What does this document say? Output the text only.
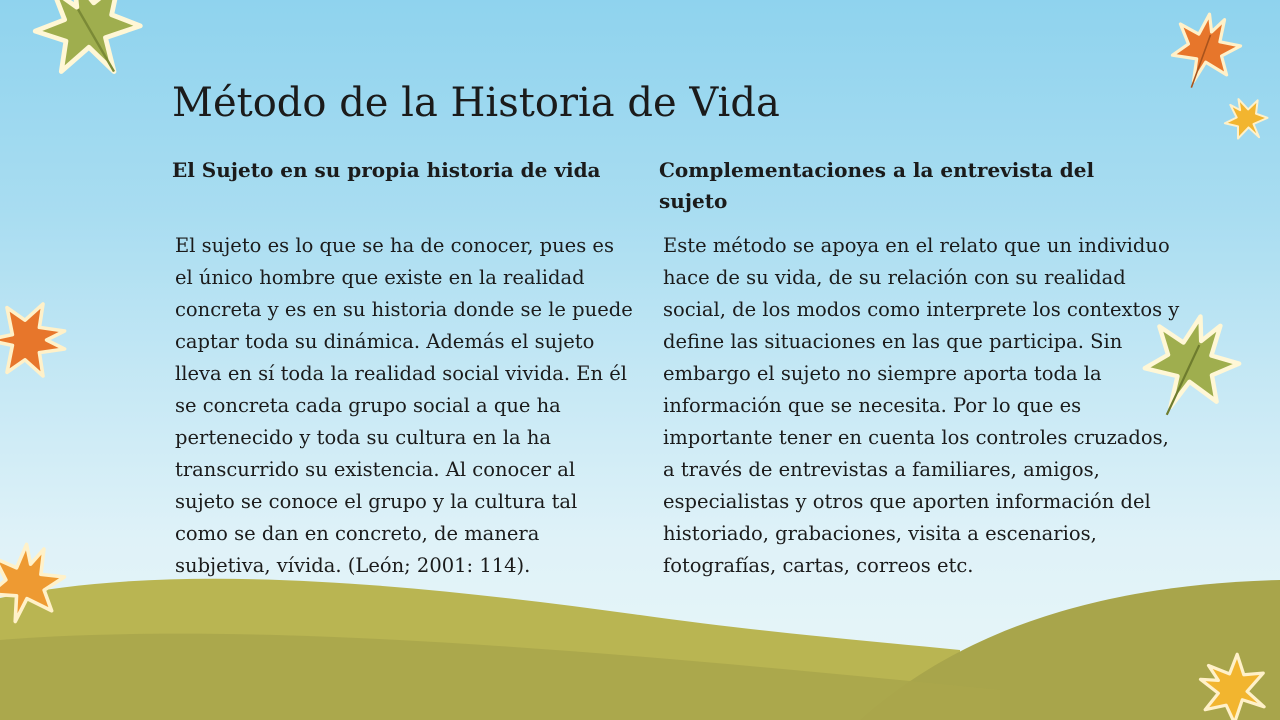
Método de la Historia de Vida

El Sujeto en su propia historia de vida

El sujeto es lo que se ha de conocer, pues es el único hombre que existe en la realidad concreta y es en su historia donde se le puede captar toda su dinámica. Además el sujeto lleva en sí toda la realidad social vivida. En él se concreta cada grupo social a que ha pertenecido y toda su cultura en la ha transcurrido su existencia. Al conocer al sujeto se conoce el grupo y la cultura tal como se dan en concreto, de manera subjetiva, vívida. (León; 2001: 114).

Complementaciones a la entrevista del sujeto

Este método se apoya en el relato que un individuo hace de su vida, de su relación con su realidad social, de los modos como interprete los contextos y define las situaciones en las que participa. Sin embargo el sujeto no siempre aporta toda la información que se necesita. Por lo que es importante tener en cuenta los controles cruzados, a través de entrevistas a familiares, amigos, especialistas y otros que aporten información del historiado, grabaciones, visita a escenarios, fotografías, cartas, correos etc.
